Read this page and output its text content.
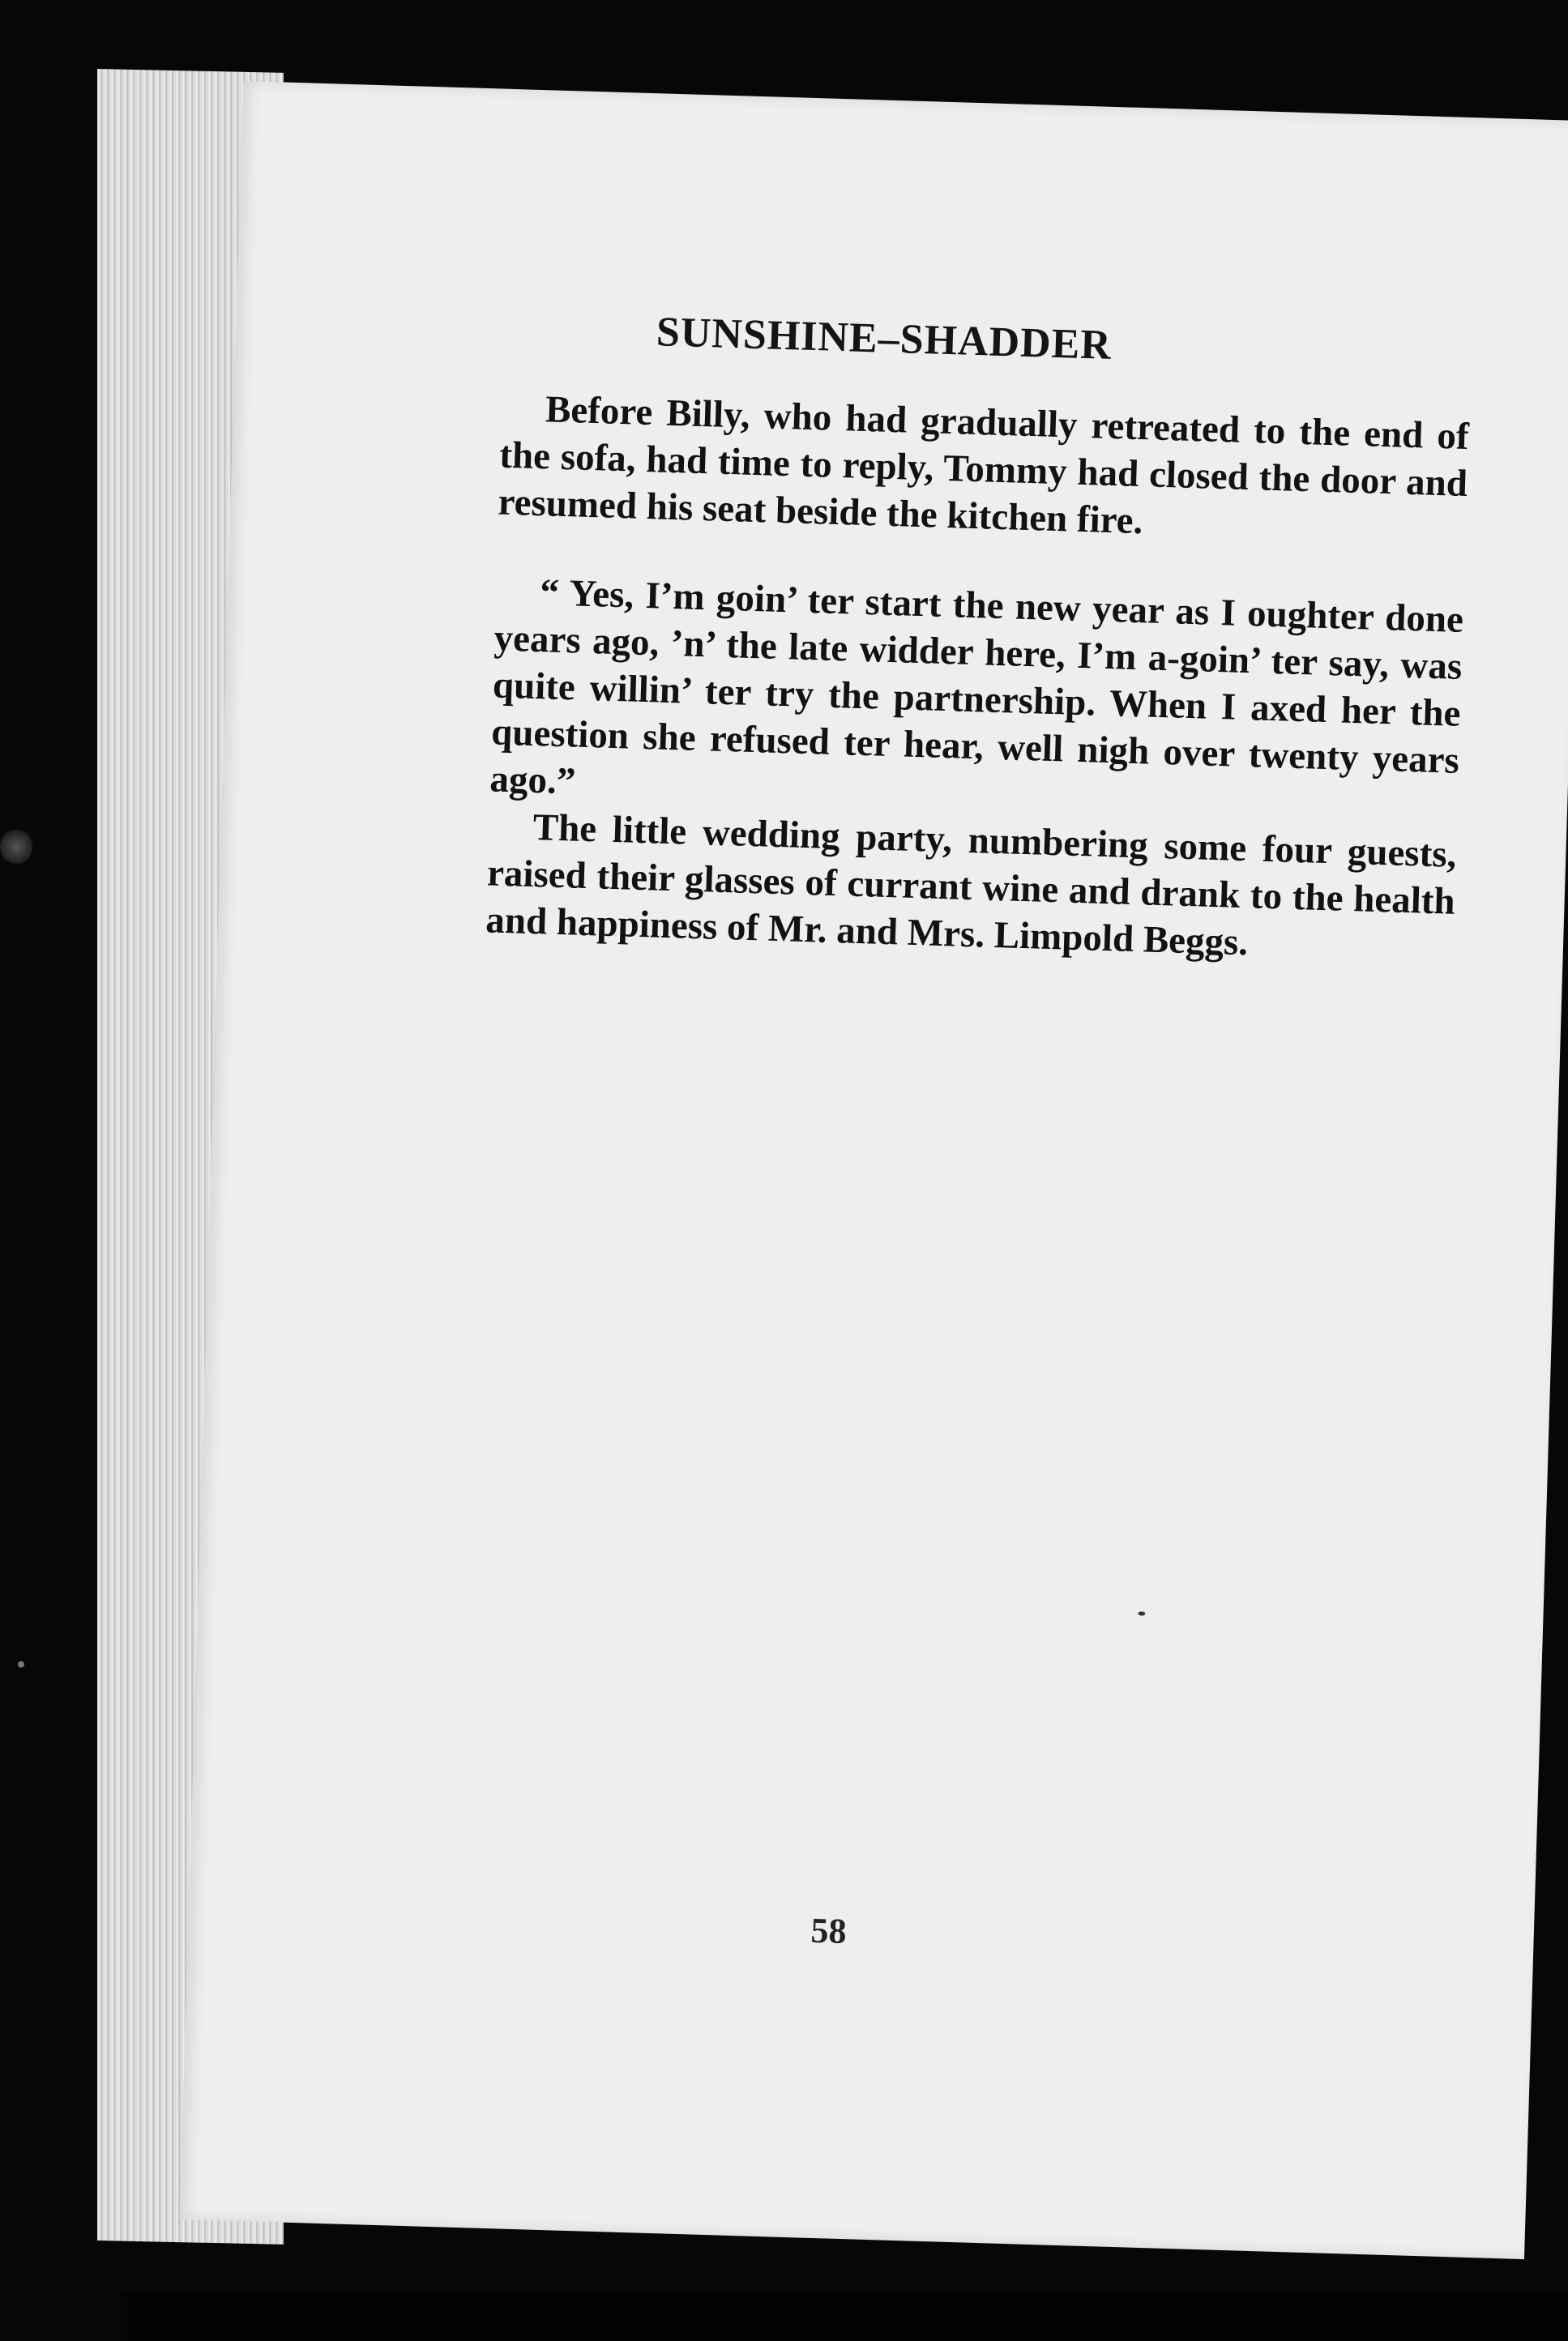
SUNSHINE–SHADDER

Before Billy, who had gradually retreated to the end of the sofa, had time to reply, Tommy had closed the door and resumed his seat beside the kitchen fire.

“ Yes, I’m goin’ ter start the new year as I oughter done years ago, ’n’ the late widder here, I’m a-goin’ ter say, was quite willin’ ter try the partnership. When I axed her the question she refused ter hear, well nigh over twenty years ago.”

The little wedding party, numbering some four guests, raised their glasses of currant wine and drank to the health and happiness of Mr. and Mrs. Limpold Beggs.

58
